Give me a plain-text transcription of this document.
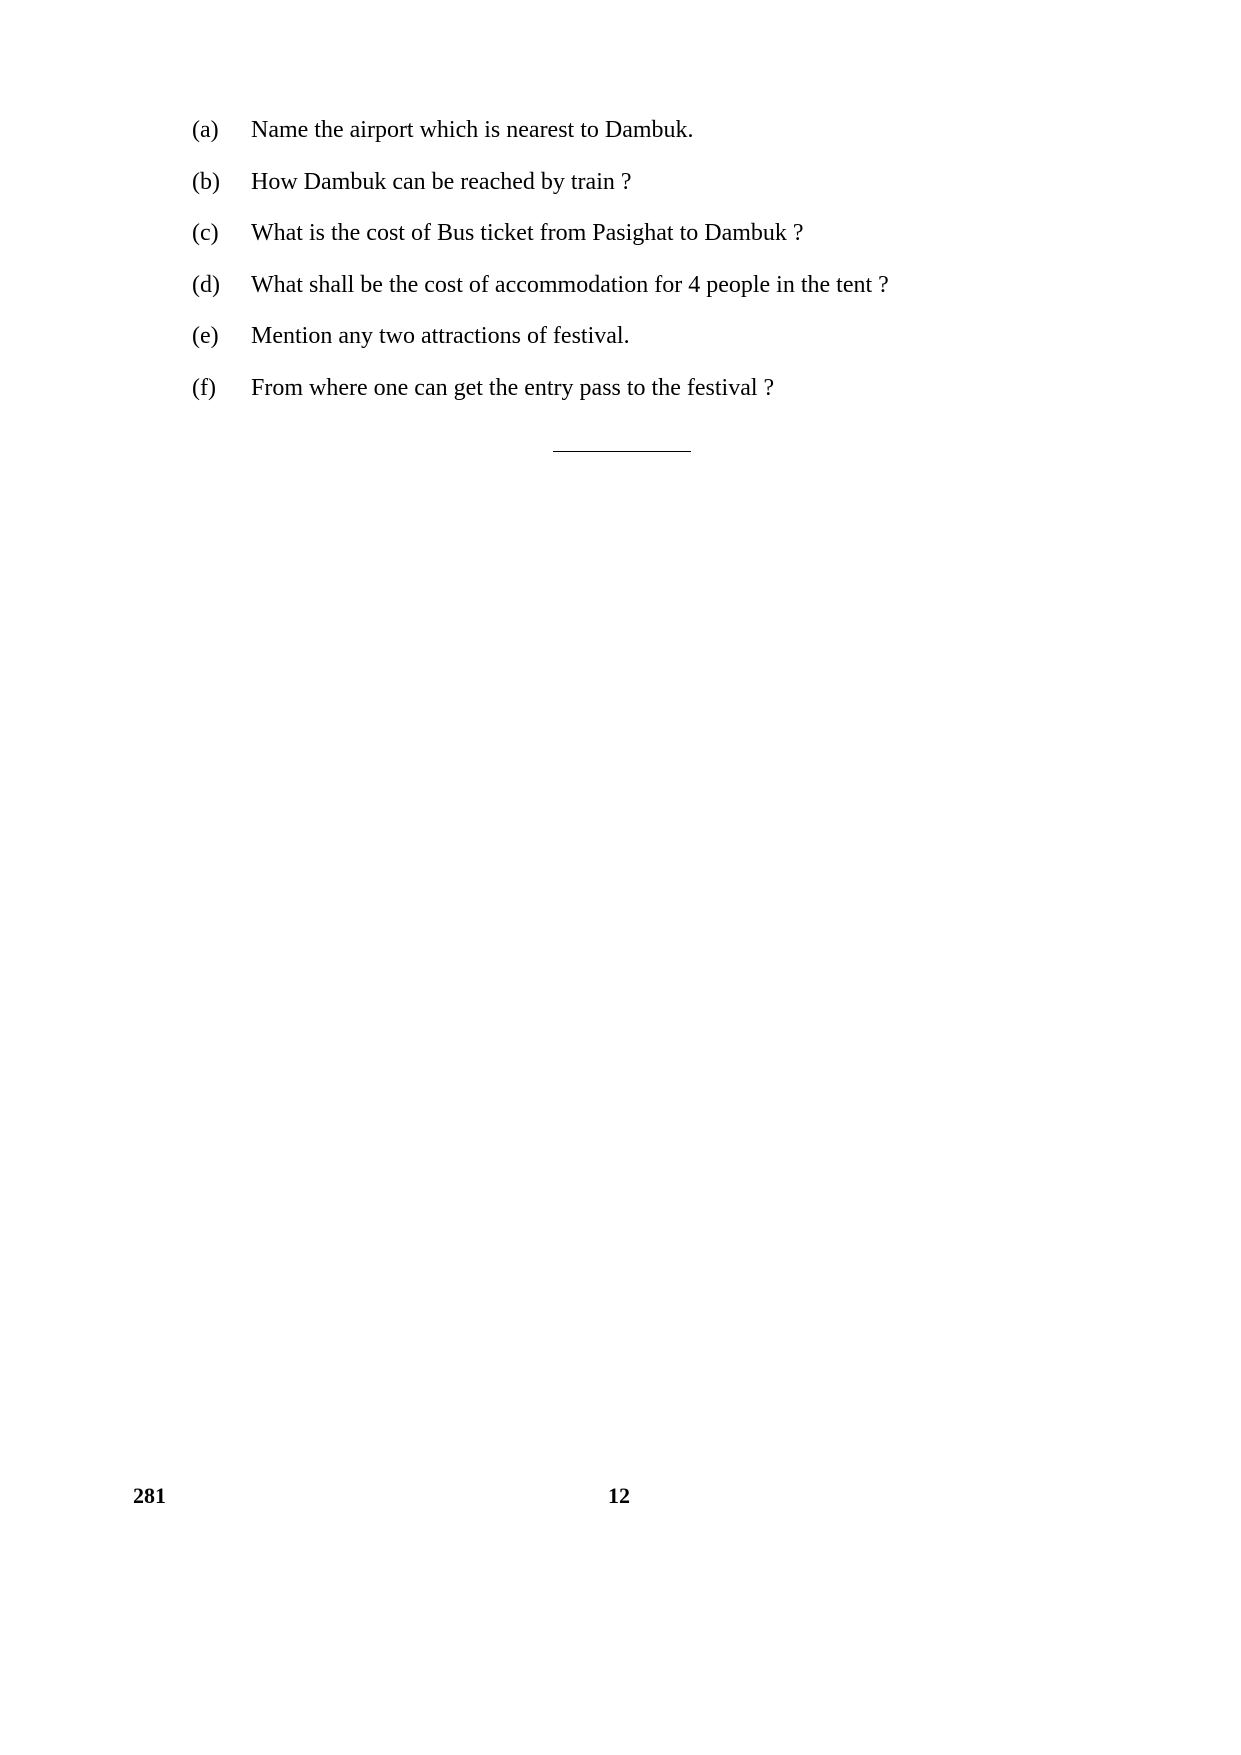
(a)	Name the airport which is nearest to Dambuk.
(b)	How Dambuk can be reached by train ?
(c)	What is the cost of Bus ticket from Pasighat to Dambuk ?
(d)	What shall be the cost of accommodation for 4 people in the tent ?
(e)	Mention any two attractions of festival.
(f)	From where one can get the entry pass to the festival ?
281	12
